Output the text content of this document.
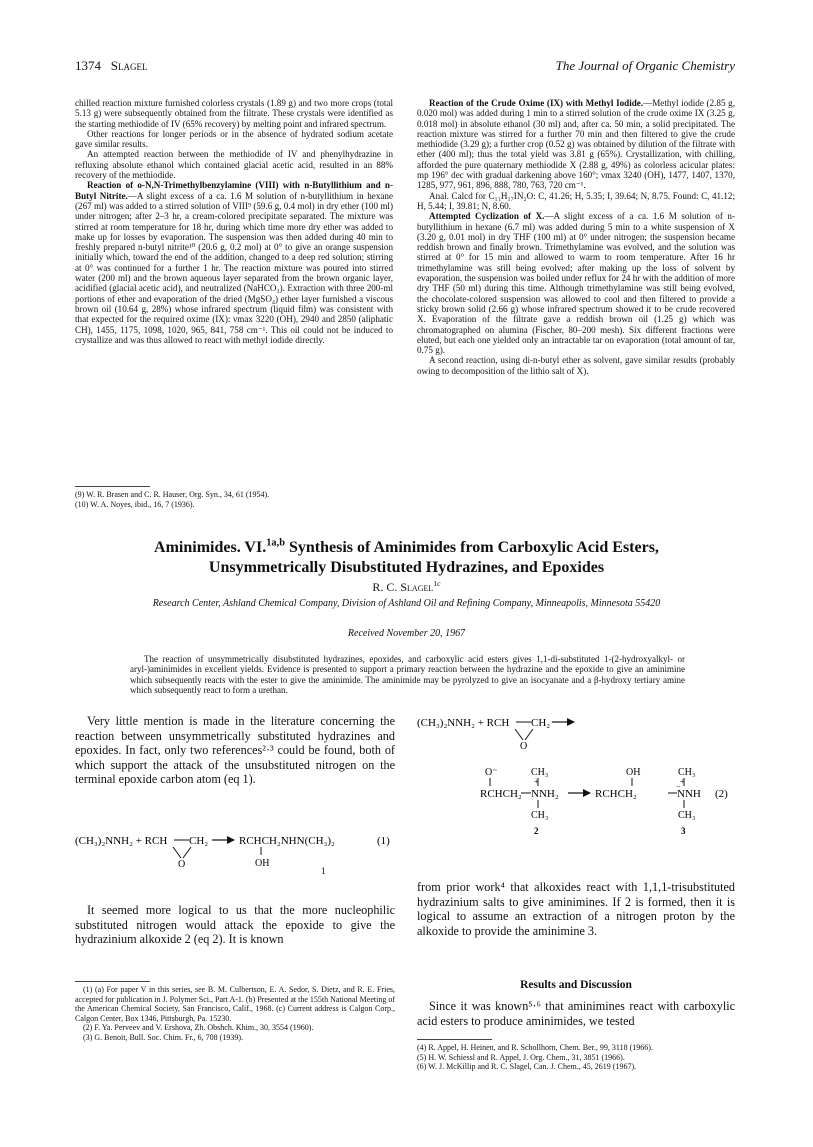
1374 Slagel	The Journal of Organic Chemistry

chilled reaction mixture furnished colorless crystals (1.89 g) and two more crops (total 5.13 g) were subsequently obtained from the filtrate. These crystals were identified as the starting methiodide of IV (65% recovery) by melting point and infrared spectrum.

Other reactions for longer periods or in the absence of hydrated sodium acetate gave similar results.

An attempted reaction between the methiodide of IV and phenylhydrazine in refluxing absolute ethanol which contained glacial acetic acid, resulted in an 88% recovery of the methiodide.

Reaction of o-N,N-Trimethylbenzylamine (VIII) with n-Butyllithium and n-Butyl Nitrite.—A slight excess of a ca. 1.6 M solution of n-butyllithium in hexane (267 ml) was added to a stirred solution of VIII⁹ (59.6 g, 0.4 mol) in dry ether (100 ml) under nitrogen; after 2–3 hr, a cream-colored precipitate separated. The mixture was stirred at room temperature for 18 hr, during which time more dry ether was added to make up for losses by evaporation. The suspension was then added during 40 min to freshly prepared n-butyl nitrite¹⁰ (20.6 g, 0.2 mol) at 0° to give an orange suspension initially which, toward the end of the addition, changed to a deep red solution; stirring at 0° was continued for a further 1 hr. The reaction mixture was poured into stirred water (200 ml) and the brown aqueous layer separated from the brown organic layer, acidified (glacial acetic acid), and neutralized (NaHCO₃). Extraction with three 200-ml portions of ether and evaporation of the dried (MgSO₄) ether layer furnished a viscous brown oil (10.64 g, 28%) whose infrared spectrum (liquid film) was consistent with that expected for the required oxime (IX): νmax 3220 (OH), 2940 and 2850 (aliphatic CH), 1455, 1175, 1098, 1020, 965, 841, 758 cm⁻¹. This oil could not be induced to crystallize and was thus allowed to react with methyl iodide directly.

(9) W. R. Brasen and C. R. Hauser, Org. Syn., 34, 61 (1954).

(10) W. A. Noyes, ibid., 16, 7 (1936).

Reaction of the Crude Oxime (IX) with Methyl Iodide.—Methyl iodide (2.85 g, 0.020 mol) was added during 1 min to a stirred solution of the crude oxime IX (3.25 g, 0.018 mol) in absolute ethanol (30 ml) and, after ca. 50 min, a solid precipitated. The reaction mixture was stirred for a further 70 min and then filtered to give the crude methiodide (3.29 g); a further crop (0.52 g) was obtained by dilution of the filtrate with ether (400 ml); thus the total yield was 3.81 g (65%). Crystallization, with chilling, afforded the pure quaternary methiodide X (2.88 g, 49%) as colorless acicular plates: mp 196° dec with gradual darkening above 160°; νmax 3240 (OH), 1477, 1407, 1370, 1285, 977, 961, 896, 888, 780, 763, 720 cm⁻¹.

Anal. Calcd for C₁₁H₁₇IN₂O: C, 41.26; H, 5.35; I, 39.64; N, 8.75. Found: C, 41.12; H, 5.44; I, 39.81; N, 8.60.

Attempted Cyclization of X.—A slight excess of a ca. 1.6 M solution of n-butyllithium in hexane (6.7 ml) was added during 5 min to a white suspension of X (3.20 g, 0.01 mol) in dry THF (100 ml) at 0° under nitrogen; the suspension became reddish brown and finally brown. Trimethylamine was evolved, and the solution was stirred at 0° for 15 min and allowed to warm to room temperature. After 16 hr trimethylamine was still being evolved; after making up the loss of solvent by evaporation, the suspension was boiled under reflux for 24 hr with the addition of more dry THF (50 ml) during this time. Although trimethylamine was still being evolved, the chocolate-colored suspension was allowed to cool and then filtered to provide a sticky brown solid (2.66 g) whose infrared spectrum showed it to be crude recovered X. Evaporation of the filtrate gave a reddish brown oil (1.25 g) which was chromatographed on alumina (Fischer, 80–200 mesh). Six different fractions were eluted, but each one yielded only an intractable tar on evaporation (total amount of tar, 0.75 g).

A second reaction, using di-n-butyl ether as solvent, gave similar results (probably owing to decomposition of the lithio salt of X).

Aminimides. VI.$^{1a,b}$ Synthesis of Aminimides from Carboxylic Acid Esters,
Unsymmetrically Disubstituted Hydrazines, and Epoxides
R. C. Slagel$^{1c}$
Research Center, Ashland Chemical Company, Division of Ashland Oil and Refining Company, Minneapolis, Minnesota 55420
Received November 20, 1967

The reaction of unsymmetrically disubstituted hydrazines, epoxides, and carboxylic acid esters gives 1,1-di-substituted 1-(2-hydroxyalkyl- or aryl-)aminimides in excellent yields. Evidence is presented to support a primary reaction between the hydrazine and the epoxide to give an aminimine which subsequently reacts with the ester to give the aminimide. The aminimide may be pyrolyzed to give an isocyanate and a β-hydroxy tertiary amine which subsequently react to form a urethan.

Very little mention is made in the literature concerning the reaction between unsymmetrically substituted hydrazines and epoxides. In fact, only two references²·³ could be found, both of which support the attack of the unsubstituted nitrogen on the terminal epoxide carbon atom (eq 1).

(CH₃)₂NNH₂ + RCH CH₂
O
RCHCH₂NHN(CH₃)₂
OH
(1)
1

It seemed more logical to us that the more nucleophilic substituted nitrogen would attack the epoxide to give the hydrazinium alkoxide 2 (eq 2). It is known

(1) (a) For paper V in this series, see B. M. Culbertson, E. A. Sedor, S. Dietz, and R. E. Fries, accepted for publication in J. Polymer Sci., Part A-1. (b) Presented at the 155th National Meeting of the American Chemical Society, San Francisco, Calif., 1968. (c) Current address is Calgon Corp., Calgon Center, Box 1346, Pittsburgh, Pa. 15230.

(2) F. Ya. Perveev and V. Ershova, Zh. Obshch. Khim., 30, 3554 (1960).

(3) G. Benoit, Bull. Soc. Chim. Fr., 6, 708 (1939).

(CH₃)₂NNH₂ + RCH CH₂
O
O⁻	CH₃	OH	CH₃
+	+
RCHCH₂ NNH₂	RCHCH₂	NNH (2)
−
CH₃	CH₃
2	3

from prior work⁴ that alkoxides react with 1,1,1-trisubstituted hydrazinium salts to give aminimines. If 2 is formed, then it is logical to assume an extraction of a nitrogen proton by the alkoxide to provide the aminimine 3.

Results and Discussion

Since it was known⁵·⁶ that aminimines react with carboxylic acid esters to produce aminimides, we tested

(4) R. Appel, H. Heinen, and R. Schollhorn, Chem. Ber., 99, 3118 (1966).

(5) H. W. Schiessl and R. Appel, J. Org. Chem., 31, 3851 (1966).

(6) W. J. McKillip and R. C. Slagel, Can. J. Chem., 45, 2619 (1967).
